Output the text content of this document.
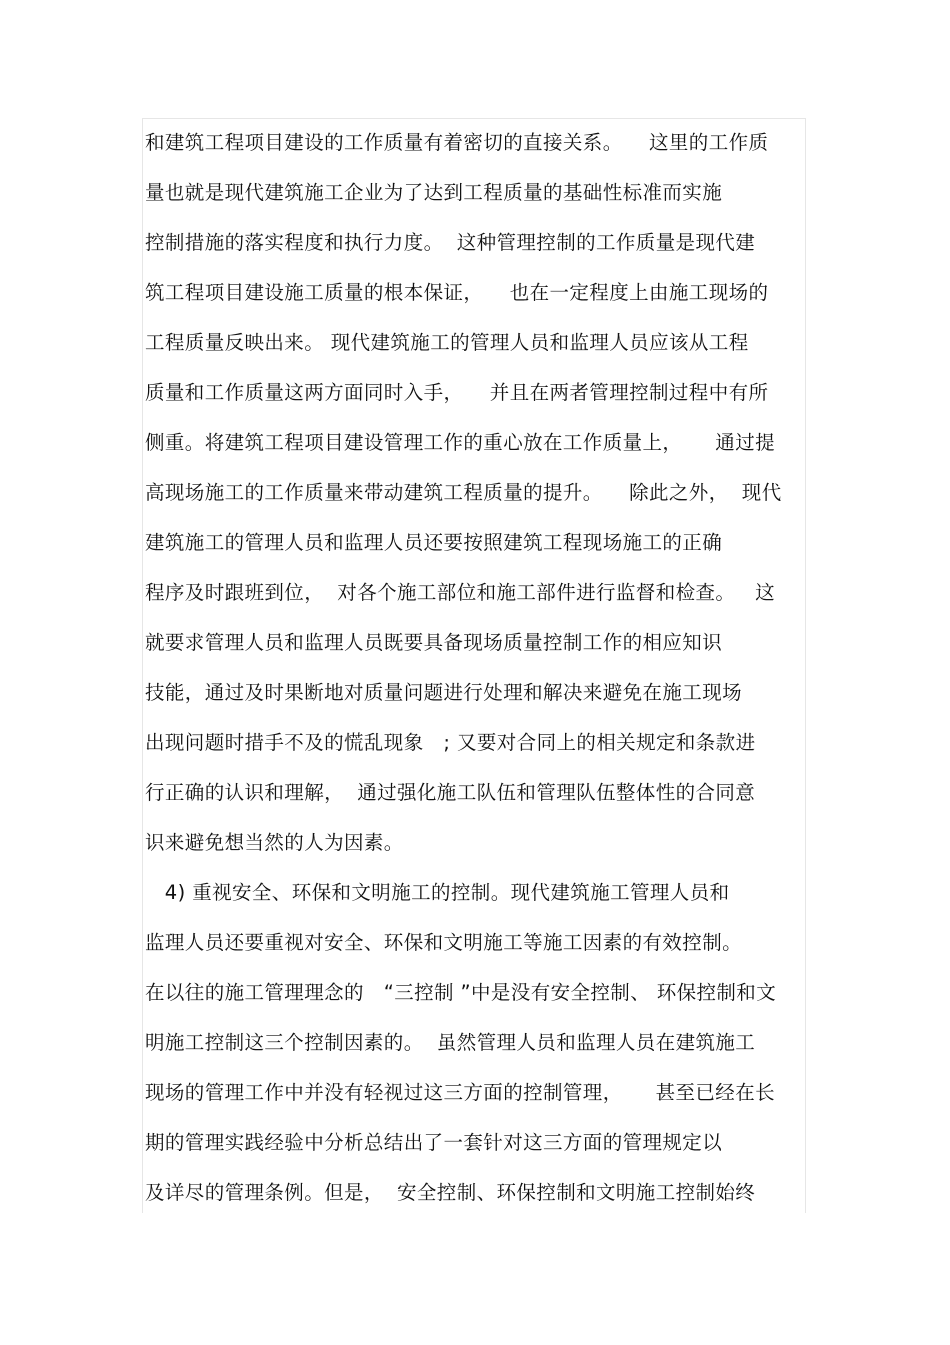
和建筑工程项目建设的工作质量有着密切的直接关系。    这里的工作质
量也就是现代建筑施工企业为了达到工程质量的基础性标准而实施
控制措施的落实程度和执行力度。  这种管理控制的工作质量是现代建
筑工程项目建设施工质量的根本保证，    也在一定程度上由施工现场的
工程质量反映出来。 现代建筑施工的管理人员和监理人员应该从工程
质量和工作质量这两方面同时入手，    并且在两者管理控制过程中有所
侧重。将建筑工程项目建设管理工作的重心放在工作质量上，     通过提
高现场施工的工作质量来带动建筑工程质量的提升。    除此之外，  现代
建筑施工的管理人员和监理人员还要按照建筑工程现场施工的正确
程序及时跟班到位，  对各个施工部位和施工部件进行监督和检查。   这
就要求管理人员和监理人员既要具备现场质量控制工作的相应知识
技能，通过及时果断地对质量问题进行处理和解决来避免在施工现场
出现问题时措手不及的慌乱现象   ; 又要对合同上的相关规定和条款进
行正确的认识和理解，  通过强化施工队伍和管理队伍整体性的合同意
识来避免想当然的人为因素。
4) 重视安全、环保和文明施工的控制。现代建筑施工管理人员和
监理人员还要重视对安全、环保和文明施工等施工因素的有效控制。
在以往的施工管理理念的   “三控制 ”中是没有安全控制、 环保控制和文
明施工控制这三个控制因素的。  虽然管理人员和监理人员在建筑施工
现场的管理工作中并没有轻视过这三方面的控制管理，     甚至已经在长
期的管理实践经验中分析总结出了一套针对这三方面的管理规定以
及详尽的管理条例。但是，  安全控制、环保控制和文明施工控制始终
